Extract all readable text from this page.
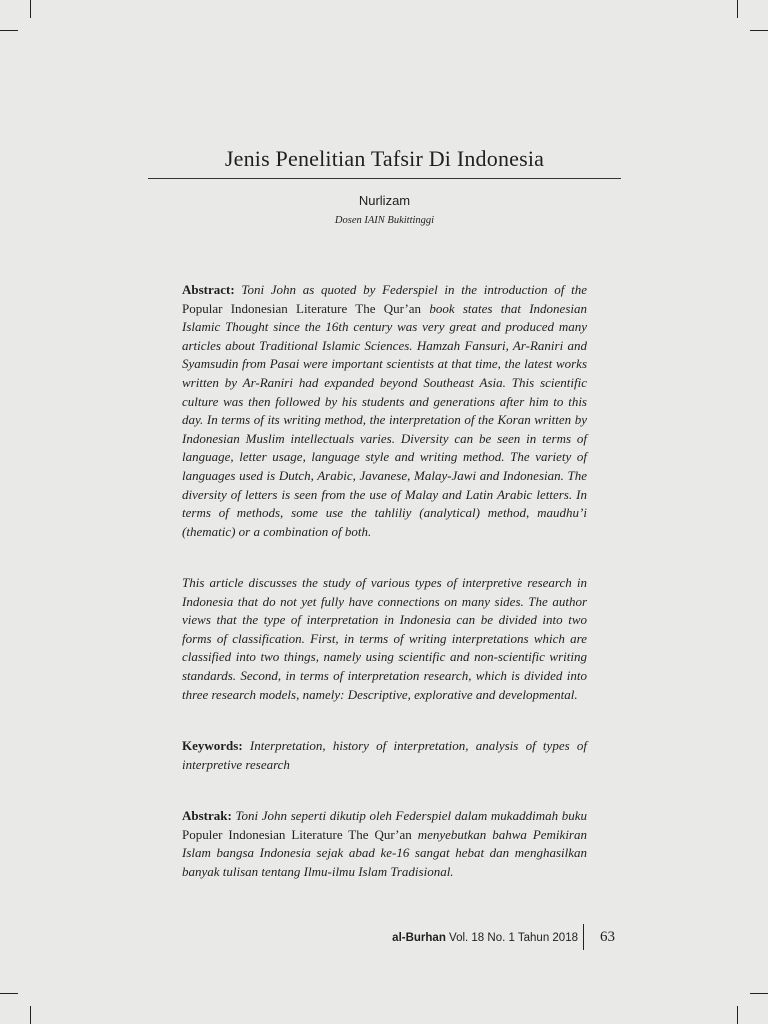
Jenis Penelitian Tafsir Di Indonesia
Nurlizam
Dosen IAIN Bukittinggi

Abstract: Toni John as quoted by Federspiel in the introduction of the Popular Indonesian Literature The Qur’an book states that Indonesian Islamic Thought since the 16th century was very great and produced many articles about Traditional Islamic Sciences. Hamzah Fansuri, Ar-Raniri and Syamsudin from Pasai were important scientists at that time, the latest works written by Ar-Raniri had expanded beyond Southeast Asia. This scientific culture was then followed by his students and generations after him to this day. In terms of its writing method, the interpretation of the Koran written by Indonesian Muslim intellectuals varies. Diversity can be seen in terms of language, letter usage, language style and writing method. The variety of languages used is Dutch, Arabic, Javanese, Malay-Jawi and Indonesian. The diversity of letters is seen from the use of Malay and Latin Arabic letters. In terms of methods, some use the tahliliy (analytical) method, maudhu’i (thematic) or a combination of both.

This article discusses the study of various types of interpretive research in Indonesia that do not yet fully have connections on many sides. The author views that the type of interpretation in Indonesia can be divided into two forms of classification. First, in terms of writing interpretations which are classified into two things, namely using scientific and non-scientific writing standards. Second, in terms of interpretation research, which is divided into three research models, namely: Descriptive, explorative and developmental.

Keywords: Interpretation, history of interpretation, analysis of types of interpretive research

Abstrak: Toni John seperti dikutip oleh Federspiel dalam mukaddimah buku Populer Indonesian Literature The Qur’an menyebutkan bahwa Pemikiran Islam bangsa Indonesia sejak abad ke-16 sangat hebat dan menghasilkan banyak tulisan tentang Ilmu-ilmu Islam Tradisional.

al-Burhan Vol. 18 No. 1 Tahun 2018 63
